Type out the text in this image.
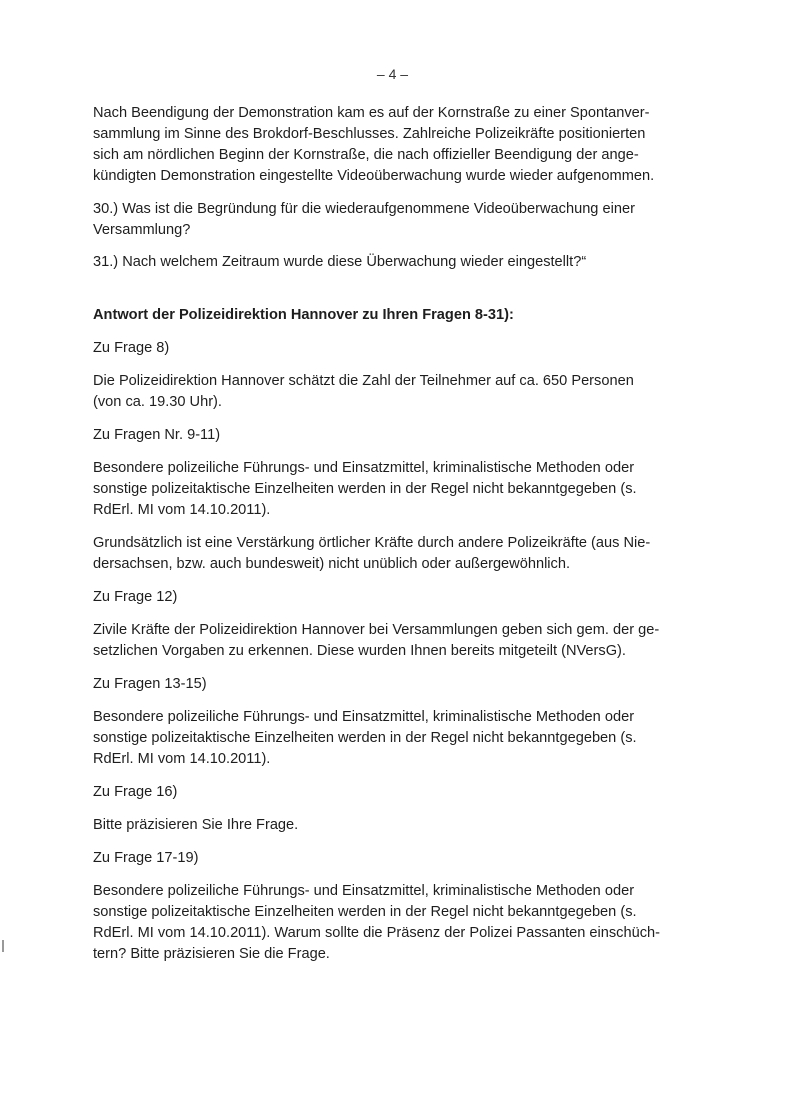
– 4 –

Nach Beendigung der Demonstration kam es auf der Kornstraße zu einer Spontanver-
sammlung im Sinne des Brokdorf-Beschlusses. Zahlreiche Polizeikräfte positionierten
sich am nördlichen Beginn der Kornstraße, die nach offizieller Beendigung der ange-
kündigten Demonstration eingestellte Videoüberwachung wurde wieder aufgenommen.

30.) Was ist die Begründung für die wiederaufgenommene Videoüberwachung einer
Versammlung?

31.) Nach welchem Zeitraum wurde diese Überwachung wieder eingestellt?“

Antwort der Polizeidirektion Hannover zu Ihren Fragen 8-31):

Zu Frage 8)

Die Polizeidirektion Hannover schätzt die Zahl der Teilnehmer auf ca. 650 Personen
(von ca. 19.30 Uhr).

Zu Fragen Nr. 9-11)

Besondere polizeiliche Führungs- und Einsatzmittel, kriminalistische Methoden oder
sonstige polizeitaktische Einzelheiten werden in der Regel nicht bekanntgegeben (s.
RdErl. MI vom 14.10.2011).

Grundsätzlich ist eine Verstärkung örtlicher Kräfte durch andere Polizeikräfte (aus Nie-
dersachsen, bzw. auch bundesweit) nicht unüblich oder außergewöhnlich.

Zu Frage 12)

Zivile Kräfte der Polizeidirektion Hannover bei Versammlungen geben sich gem. der ge-
setzlichen Vorgaben zu erkennen. Diese wurden Ihnen bereits mitgeteilt (NVersG).

Zu Fragen 13-15)

Besondere polizeiliche Führungs- und Einsatzmittel, kriminalistische Methoden oder
sonstige polizeitaktische Einzelheiten werden in der Regel nicht bekanntgegeben (s.
RdErl. MI vom 14.10.2011).

Zu Frage 16)

Bitte präzisieren Sie Ihre Frage.

Zu Frage 17-19)

Besondere polizeiliche Führungs- und Einsatzmittel, kriminalistische Methoden oder
sonstige polizeitaktische Einzelheiten werden in der Regel nicht bekanntgegeben (s.
RdErl. MI vom 14.10.2011). Warum sollte die Präsenz der Polizei Passanten einschüch-
tern? Bitte präzisieren Sie die Frage.
